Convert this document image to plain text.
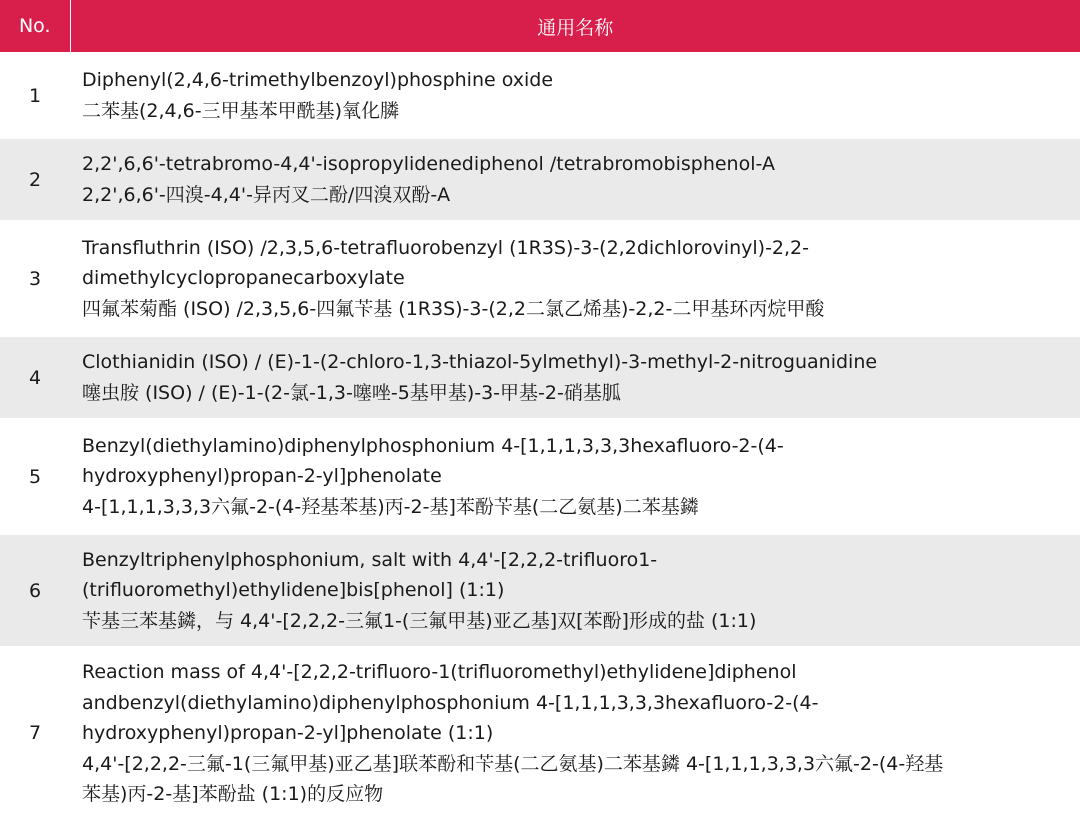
No.	通用名称
1	Diphenyl(2,4,6-trimethylbenzoyl)phosphine oxide
二苯基(2,4,6-三甲基苯甲酰基)氧化膦

2	2,2',6,6'-tetrabromo-4,4'-isopropylidenediphenol /tetrabromobisphenol-A
2,2',6,6'-四溴-4,4'-异丙叉二酚/四溴双酚-A

3	Transfluthrin (ISO) /2,3,5,6-tetrafluorobenzyl (1R3S)-3-(2,2dichlorovinyl)-2,2-
dimethylcyclopropanecarboxylate
四氟苯菊酯 (ISO) /2,3,5,6-四氟苄基 (1R3S)-3-(2,2二氯乙烯基)-2,2-二甲基环丙烷甲酸

4	Clothianidin (ISO) / (E)-1-(2-chloro-1,3-thiazol-5ylmethyl)-3-methyl-2-nitroguanidine
噻虫胺 (ISO) / (E)-1-(2-氯-1,3-噻唑-5基甲基)-3-甲基-2-硝基胍

5	Benzyl(diethylamino)diphenylphosphonium 4-[1,1,1,3,3,3hexafluoro-2-(4-
hydroxyphenyl)propan-2-yl]phenolate
4-[1,1,1,3,3,3六氟-2-(4-羟基苯基)丙-2-基]苯酚苄基(二乙氨基)二苯基鏻

6	Benzyltriphenylphosphonium, salt with 4,4'-[2,2,2-trifluoro1-
(trifluoromethyl)ethylidene]bis[phenol] (1:1)
苄基三苯基鏻，与 4,4'-[2,2,2-三氟1-(三氟甲基)亚乙基]双[苯酚]形成的盐 (1:1)

7	Reaction mass of 4,4'-[2,2,2-trifluoro-1(trifluoromethyl)ethylidene]diphenol
andbenzyl(diethylamino)diphenylphosphonium 4-[1,1,1,3,3,3hexafluoro-2-(4-
hydroxyphenyl)propan-2-yl]phenolate (1:1)
4,4'-[2,2,2-三氟-1(三氟甲基)亚乙基]联苯酚和苄基(二乙氨基)二苯基鏻 4-[1,1,1,3,3,3六氟-2-(4-羟基
苯基)丙-2-基]苯酚盐 (1:1)的反应物
